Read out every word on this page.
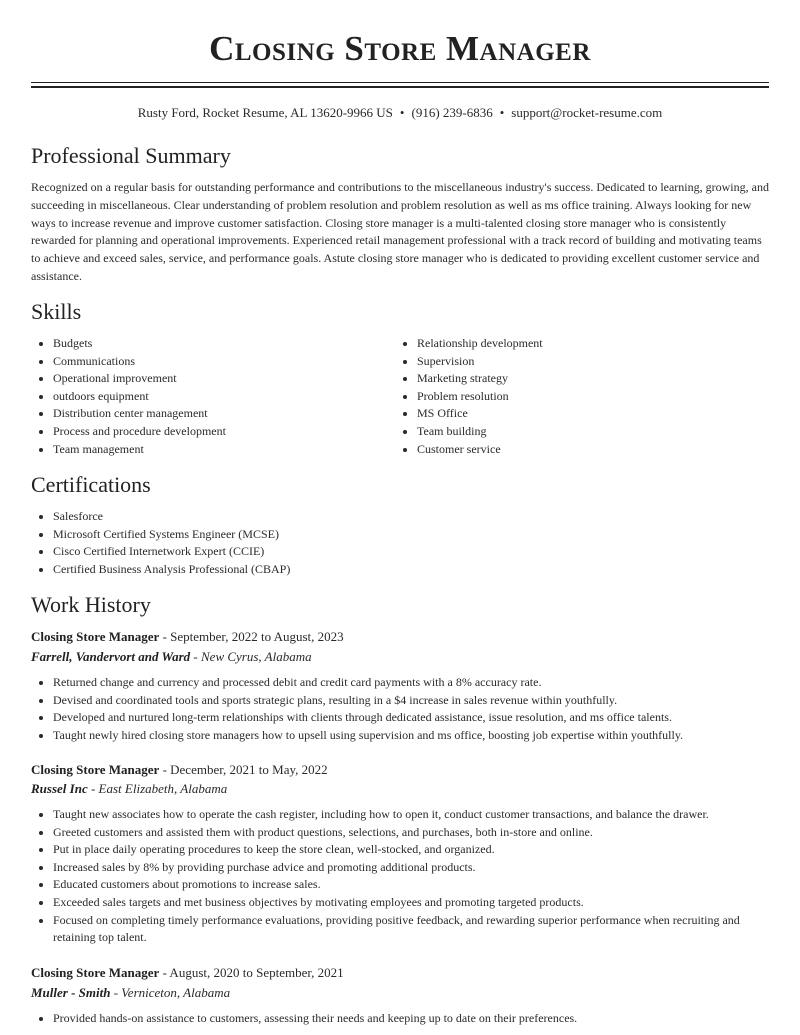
Closing Store Manager
Rusty Ford, Rocket Resume, AL 13620-9966 US • (916) 239-6836 • support@rocket-resume.com
Professional Summary

Recognized on a regular basis for outstanding performance and contributions to the miscellaneous industry's success. Dedicated to learning, growing, and succeeding in miscellaneous. Clear understanding of problem resolution and problem resolution as well as ms office training. Always looking for new ways to increase revenue and improve customer satisfaction. Closing store manager is a multi-talented closing store manager who is consistently rewarded for planning and operational improvements. Experienced retail management professional with a track record of building and motivating teams to achieve and exceed sales, service, and performance goals. Astute closing store manager who is dedicated to providing excellent customer service and assistance.

Skills
• Budgets
• Communications
• Operational improvement
• outdoors equipment
• Distribution center management
• Process and procedure development
• Team management
• Relationship development
• Supervision
• Marketing strategy
• Problem resolution
• MS Office
• Team building
• Customer service
Certifications
• Salesforce
• Microsoft Certified Systems Engineer (MCSE)
• Cisco Certified Internetwork Expert (CCIE)
• Certified Business Analysis Professional (CBAP)
Work History
Closing Store Manager - September, 2022 to August, 2023
Farrell, Vandervort and Ward - New Cyrus, Alabama
• Returned change and currency and processed debit and credit card payments with a 8% accuracy rate.
• Devised and coordinated tools and sports strategic plans, resulting in a $4 increase in sales revenue within youthfully.
• Developed and nurtured long-term relationships with clients through dedicated assistance, issue resolution, and ms office talents.
• Taught newly hired closing store managers how to upsell using supervision and ms office, boosting job expertise within youthfully.
Closing Store Manager - December, 2021 to May, 2022
Russel Inc - East Elizabeth, Alabama
• Taught new associates how to operate the cash register, including how to open it, conduct customer transactions, and balance the drawer.
• Greeted customers and assisted them with product questions, selections, and purchases, both in-store and online.
• Put in place daily operating procedures to keep the store clean, well-stocked, and organized.
• Increased sales by 8% by providing purchase advice and promoting additional products.
• Educated customers about promotions to increase sales.
• Exceeded sales targets and met business objectives by motivating employees and promoting targeted products.
• Focused on completing timely performance evaluations, providing positive feedback, and rewarding superior performance when recruiting and retaining top talent.
Closing Store Manager - August, 2020 to September, 2021
Muller - Smith - Verniceton, Alabama
• Provided hands-on assistance to customers, assessing their needs and keeping up to date on their preferences.
